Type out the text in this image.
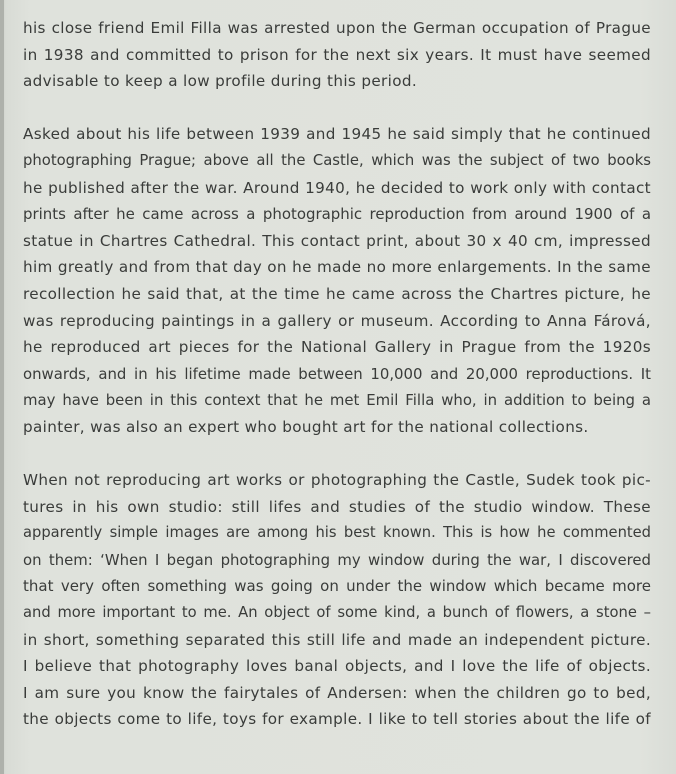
his close friend Emil Filla was arrested upon the German occupation of Prague
in 1938 and committed to prison for the next six years. It must have seemed
advisable to keep a low profile during this period.
Asked about his life between 1939 and 1945 he said simply that he continued
photographing Prague; above all the Castle, which was the subject of two books
he published after the war. Around 1940, he decided to work only with contact
prints after he came across a photographic reproduction from around 1900 of a
statue in Chartres Cathedral. This contact print, about 30 x 40 cm, impressed
him greatly and from that day on he made no more enlargements. In the same
recollection he said that, at the time he came across the Chartres picture, he
was reproducing paintings in a gallery or museum. According to Anna Fárová,
he reproduced art pieces for the National Gallery in Prague from the 1920s
onwards, and in his lifetime made between 10,000 and 20,000 reproductions. It
may have been in this context that he met Emil Filla who, in addition to being a
painter, was also an expert who bought art for the national collections.
When not reproducing art works or photographing the Castle, Sudek took pic-
tures in his own studio: still lifes and studies of the studio window. These
apparently simple images are among his best known. This is how he commented
on them: ‘When I began photographing my window during the war, I discovered
that very often something was going on under the window which became more
and more important to me. An object of some kind, a bunch of flowers, a stone –
in short, something separated this still life and made an independent picture.
I believe that photography loves banal objects, and I love the life of objects.
I am sure you know the fairytales of Andersen: when the children go to bed,
the objects come to life, toys for example. I like to tell stories about the life of
